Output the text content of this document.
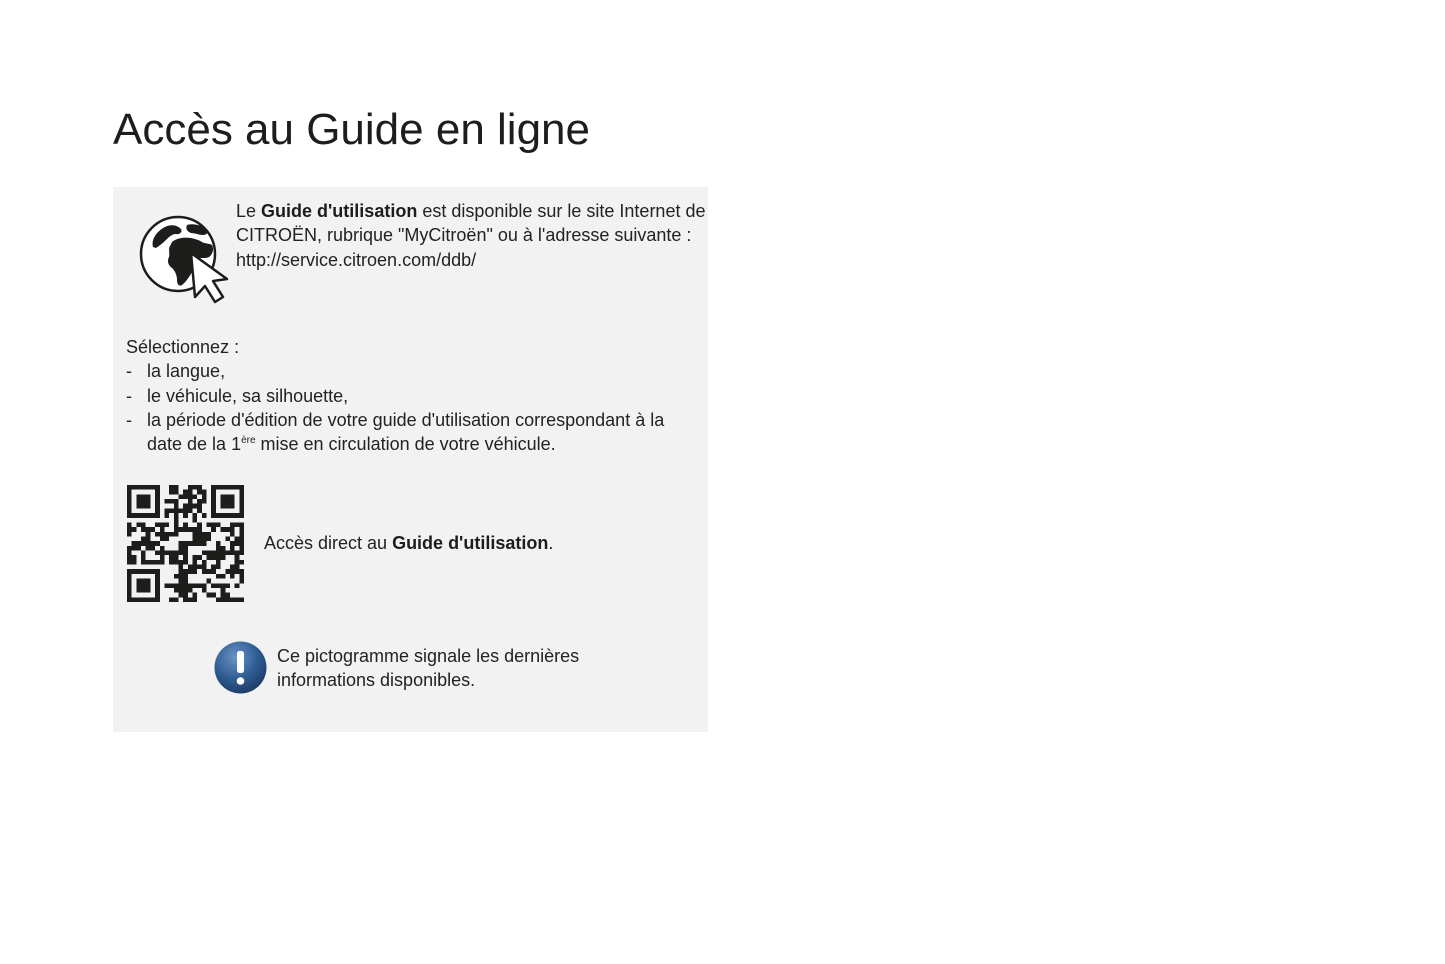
Accès au Guide en ligne

Le Guide d'utilisation est disponible sur le site Internet de CITROËN, rubrique "MyCitroën" ou à l'adresse suivante :
http://service.citroen.com/ddb/

Sélectionnez :

- la langue,
- le véhicule, sa silhouette,
- la période d'édition de votre guide d'utilisation correspondant à la date de la 1ère mise en circulation de votre véhicule.

Accès direct au Guide d'utilisation.

Ce pictogramme signale les dernières informations disponibles.
